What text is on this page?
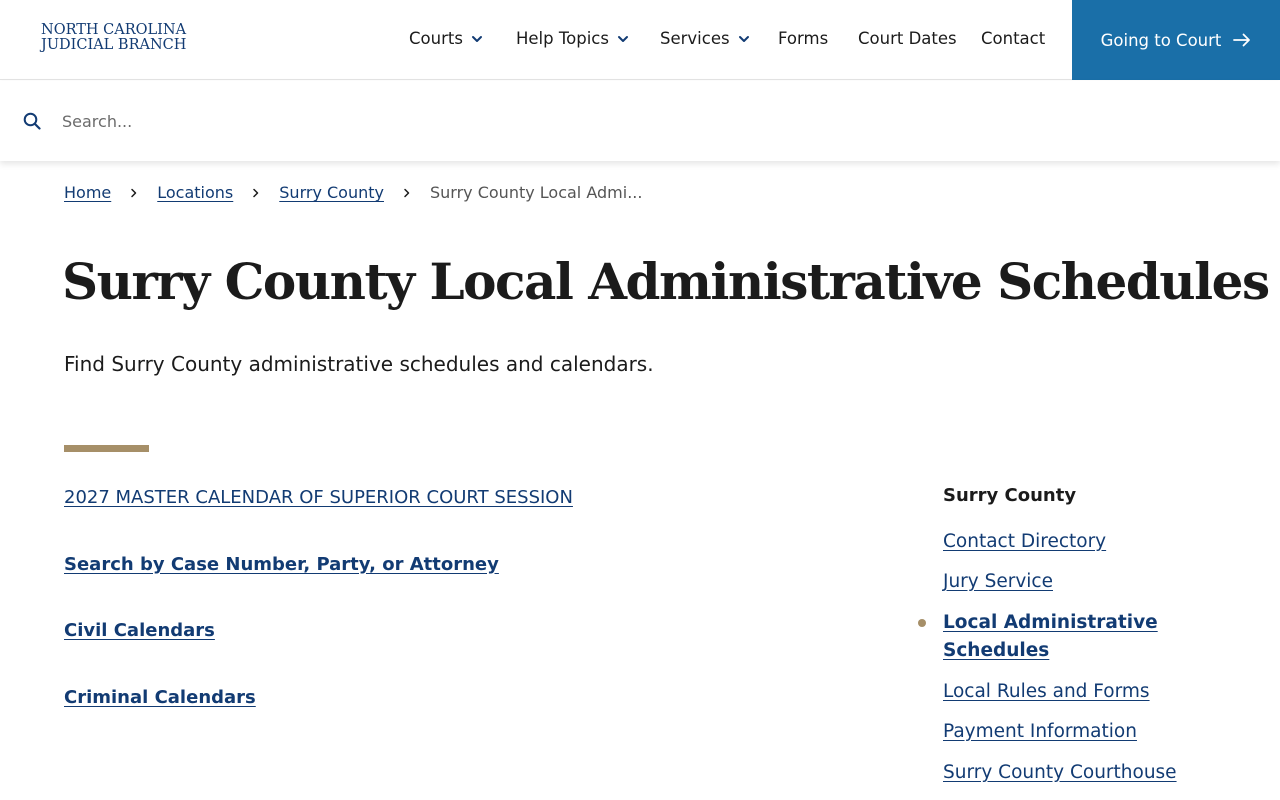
NORTH CAROLINA
JUDICIAL BRANCH	Courts	Help Topics	Services	Forms Court Dates Contact	Going to Court
Search...
Home	Locations	Surry County	Surry County Local Admi...
Surry County Local Administrative Schedules

Find Surry County administrative schedules and calendars.

2027 MASTER CALENDAR OF SUPERIOR COURT SESSION
Search by Case Number, Party, or Attorney
Civil Calendars
Criminal Calendars
Surry County
Contact Directory
Jury Service
Local Administrative Schedules
Local Rules and Forms
Payment Information
Surry County Courthouse
